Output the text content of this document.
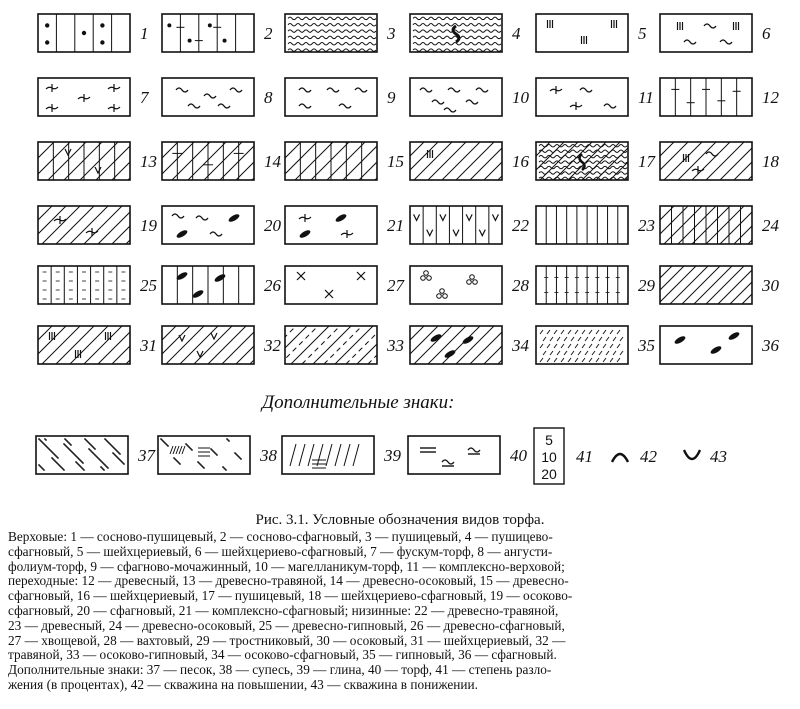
1	2	3	4	5	6
7	8	9	10	11	12
13	14	15	16	17	18
19	20	21	22	23	24
25	26	27	28	29	30
31	32	33	34	35	36
37	38	39	40
5
10
20
41	42	43
Дополнительные знаки:
Рис. 3.1. Условные обозначения видов торфа.
Верховые: 1 — сосново-пушицевый, 2 — сосново-сфагновый, 3 — пушицевый, 4 — пушицево-
сфагновый, 5 — шейхцериевый, 6 — шейхцериево-сфагновый, 7 — фускум-торф, 8 — ангусти-
фолиум-торф, 9 — сфагново-мочажинный, 10 — магелланикум-торф, 11 — комплексно-верховой;
переходные: 12 — древесный, 13 — древесно-травяной, 14 — древесно-осоковый, 15 — древесно-
сфагновый, 16 — шейхцериевый, 17 — пушицевый, 18 — шейхцериево-сфагновый, 19 — осоково-
сфагновый, 20 — сфагновый, 21 — комплексно-сфагновый; низинные: 22 — древесно-травяной,
23 — древесный, 24 — древесно-осоковый, 25 — древесно-гипновый, 26 — древесно-сфагновый,
27 — хвощевой, 28 — вахтовый, 29 — тростниковый, 30 — осоковый, 31 — шейхцериевый, 32 —
травяной, 33 — осоково-гипновый, 34 — осоково-сфагновый, 35 — гипновый, 36 — сфагновый.
Дополнительные знаки: 37 — песок, 38 — супесь, 39 — глина, 40 — торф, 41 — степень разло-
жения (в процентах), 42 — скважина на повышении, 43 — скважина в понижении.
